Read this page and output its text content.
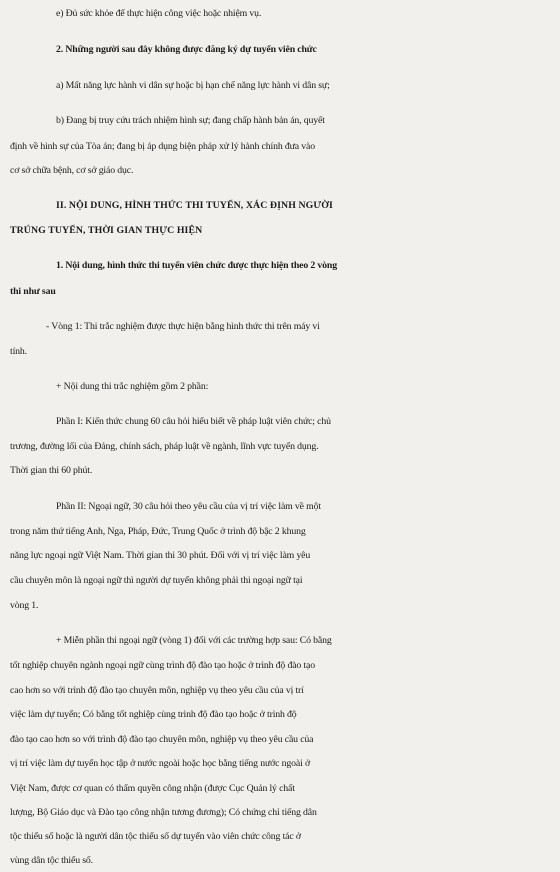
e) Đủ sức khỏe để thực hiện công việc hoặc nhiệm vụ.
2. Những người sau đây không được đăng ký dự tuyển viên chức
a) Mất năng lực hành vi dân sự hoặc bị hạn chế năng lực hành vi dân sự;
b) Đang bị truy cứu trách nhiệm hình sự; đang chấp hành bản án, quyết
định về hình sự của Tòa án; đang bị áp dụng biện pháp xử lý hành chính đưa vào
cơ sở chữa bệnh, cơ sở giáo dục.
II. NỘI DUNG, HÌNH THỨC THI TUYỂN, XÁC ĐỊNH NGƯỜI
TRÚNG TUYỂN, THỜI GIAN THỰC HIỆN
1. Nội dung, hình thức thi tuyển viên chức được thực hiện theo 2 vòng
thi như sau
- Vòng 1: Thi trắc nghiệm được thực hiện bằng hình thức thi trên máy vi
tính.
+ Nội dung thi trắc nghiệm gồm 2 phần:
Phần I: Kiến thức chung 60 câu hỏi hiểu biết về pháp luật viên chức; chủ
trương, đường lối của Đảng, chính sách, pháp luật về ngành, lĩnh vực tuyển dụng.
Thời gian thi 60 phút.
Phần II: Ngoại ngữ, 30 câu hỏi theo yêu cầu của vị trí việc làm về một
trong năm thứ tiếng Anh, Nga, Pháp, Đức, Trung Quốc ở trình độ bậc 2 khung
năng lực ngoại ngữ Việt Nam. Thời gian thi 30 phút. Đối với vị trí việc làm yêu
cầu chuyên môn là ngoại ngữ thì người dự tuyển không phải thi ngoại ngữ tại
vòng 1.
+ Miễn phần thi ngoại ngữ (vòng 1) đối với các trường hợp sau: Có bằng
tốt nghiệp chuyên ngành ngoại ngữ cùng trình độ đào tạo hoặc ở trình độ đào tạo
cao hơn so với trình độ đào tạo chuyên môn, nghiệp vụ theo yêu cầu của vị trí
việc làm dự tuyển; Có bằng tốt nghiệp cùng trình độ đào tạo hoặc ở trình độ
đào tạo cao hơn so với trình độ đào tạo chuyên môn, nghiệp vụ theo yêu cầu của
vị trí việc làm dự tuyển học tập ở nước ngoài hoặc học bằng tiếng nước ngoài ở
Việt Nam, được cơ quan có thẩm quyền công nhận (được Cục Quản lý chất
lượng, Bộ Giáo dục và Đào tạo công nhận tương đương); Có chứng chỉ tiếng dân
tộc thiểu số hoặc là người dân tộc thiểu số dự tuyển vào viên chức công tác ở
vùng dân tộc thiểu số.
